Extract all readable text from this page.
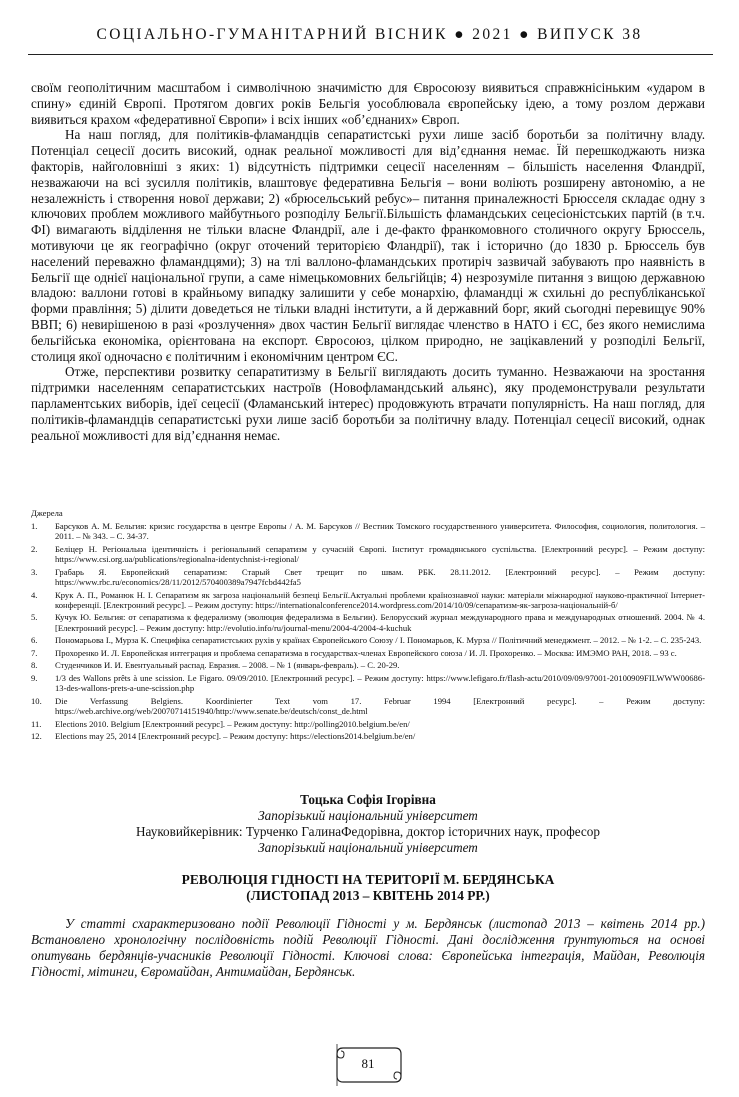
СОЦІАЛЬНО-ГУМАНІТАРНИЙ ВІСНИК ● 2021 ● ВИПУСК 38

своїм геополітичним масштабом і символічною значимістю для Євросоюзу виявиться справжнісіньким «ударом в спину» єдиній Європі. Протягом довгих років Бельгія уособлювала європейську ідею, а тому розлом держави виявиться крахом «федеративної Європи» і всіх інших «об’єднаних» Європ.

На наш погляд, для політиків-фламандців сепаратистські рухи лише засіб боротьби за політичну владу. Потенціал сецесії досить високий, однак реальної можливості для від’єднання немає. Їй перешкоджають низка факторів, найголовніші з яких: 1) відсутність підтримки сецесії населенням – більшість населення Фландрії, незважаючи на всі зусилля політиків, влаштовує федеративна Бельгія – вони воліють розширену автономію, а не незалежність і створення нової держави; 2) «брюсельський ребус»– питання приналежності Брюсселя складає одну з ключових проблем можливого майбутнього розподілу Бельгії.Більшість фламандських сецесіоністських партій (в т.ч. ФІ) вимагають відділення не тільки власне Фландрії, але і де-факто франкомовного столичного округу Брюссель, мотивуючи це як географічно (округ оточений територією Фландрії), так і історично (до 1830 р. Брюссель був населений переважно фламандцями); 3) на тлі валлоно-фламандських протиріч зазвичай забувають про наявність в Бельгії ще однієї національної групи, а саме німецькомовних бельгійців; 4) незрозуміле питання з вищою державною владою: валлони готові в крайньому випадку залишити у себе монархію, фламандці ж схильні до республіканської форми правління; 5) ділити доведеться не тільки владні інститути, а й державний борг, який сьогодні перевищує 90% ВВП; 6) невирішеною в разі «розлучення» двох частин Бельгії виглядає членство в НАТО і ЄС, без якого немислима бельгійська економіка, орієнтована на експорт. Євросоюз, цілком природно, не зацікавлений у розподілі Бельгії, столиця якої одночасно є політичним і економічним центром ЄС.

Отже, перспективи розвитку сепаратитизму в Бельгії виглядають досить туманно. Незважаючи на зростання підтримки населенням сепаратистських настроїв (Новофламандський альянс), яку продемонстрували результати парламентських виборів, ідеї сецесії (Фламанський інтерес) продовжують втрачати популярність. На наш погляд, для політиків-фламандців сепаратистські рухи лише засіб боротьби за політичну владу. Потенціал сецесії високий, однак реальної можливості для від’єднання немає.

Джерела
1.	Барсуков А. М. Бельгия: кризис государства в центре Европы / А. М. Барсуков // Вестник Томского государственного университета. Философия, социология, политология. – 2011. – № 343. – С. 34-37.
2.	Беліцер Н. Регіональна ідентичність і регіональний сепаратизм у сучасній Європі. Інститут громадянського суспільства. [Електронний ресурс]. – Режим доступу: https://www.csi.org.ua/publications/regionalna-identychnist-i-regional/
3.	Грабарь Я. Европейский сепаратизм: Старый Свет трещит по швам. РБК. 28.11.2012. [Електронний ресурс]. – Режим доступу: https://www.rbc.ru/economics/28/11/2012/570400389a7947fcbd442fa5
4.	Крук А. П., Романюк Н. І. Сепаратизм як загроза національній безпеці Бельгії.Актуальні проблеми країнознавчої науки: матеріали міжнародної науково-практичної Інтернет-конференції. [Електронний ресурс]. – Режим доступу: https://internationalconference2014.wordpress.com/2014/10/09/сепаратизм-як-загроза-національній-б/
5.	Кучук Ю. Бельгия: от сепаратизма к федерализму (эволюция федерализма в Бельгии). Белорусский журнал международного права и международных отношений. 2004. № 4. [Електронний ресурс]. – Режим доступу: http://evolutio.info/ru/journal-menu/2004-4/2004-4-kuchuk
6.	Пономарьова І., Мурза К. Специфіка сепаратистських рухів у країнах Європейського Союзу / І. Пономарьов, К. Мурза // Політичний менеджмент. – 2012. – № 1-2. – С. 235-243.
7.	Прохоренко И. Л. Европейская интеграция и проблема сепаратизма в государствах-членах Европейского союза / И. Л. Прохоренко. – Москва: ИМЭМО РАН, 2018. – 93 с.
8.	Студенчиков И. И. Евентуальный распад. Евразия. – 2008. – № 1 (январь-февраль). – С. 20-29.
9.	1/3 des Wallons prêts à une scission. Le Figaro. 09/09/2010. [Електронний ресурс]. – Режим доступу: https://www.lefigaro.fr/flash-actu/2010/09/09/97001-20100909FILWWW00686-13-des-wallons-prets-a-une-scission.php
10.	Die Verfassung Belgiens. Koordinierter Text vom 17. Februar 1994 [Електронний ресурс]. – Режим доступу: https://web.archive.org/web/20070714151940/http://www.senate.be/deutsch/const_de.html
11.	Elections 2010. Belgium [Електронний ресурс]. – Режим доступу: http://polling2010.belgium.be/en/
12.	Elections may 25, 2014 [Електронний ресурс]. – Режим доступу: https://elections2014.belgium.be/en/
Тоцька Софія Ігорівна
Запорізький національний університет
Науковийкерівник: Турченко ГалинаФедорівна, доктор історичних наук, професор
Запорізький національний університет
РЕВОЛЮЦІЯ ГІДНОСТІ НА ТЕРИТОРІЇ М. БЕРДЯНСЬКА
(ЛИСТОПАД 2013 – КВІТЕНЬ 2014 РР.)

У статті схарактеризовано події Революції Гідності у м. Бердянськ (листопад 2013 – квітень 2014 рр.) Встановлено хронологічну послідовність подій Революції Гідності. Дані дослідження ґрунтуються на основі опитувань бердянців-учасників Революції Гідності. Ключові слова: Європейська інтеграція, Майдан, Революція Гідності, мітинги, Євромайдан, Антимайдан, Бердянськ.

81
